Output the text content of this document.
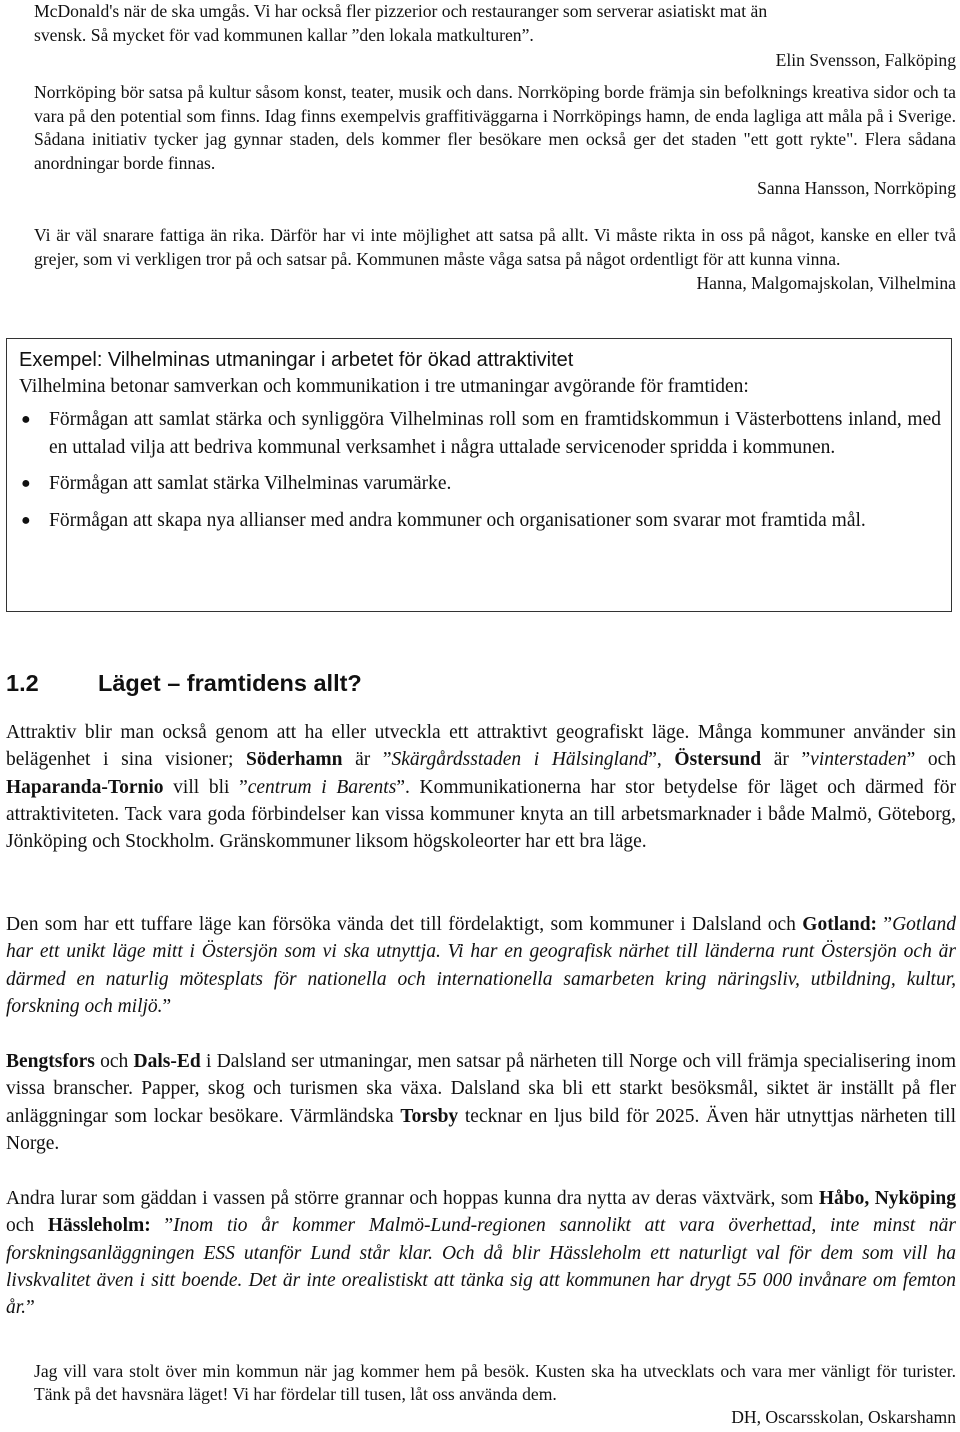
McDonald's när de ska umgås. Vi har också fler pizzerior och restauranger som serverar asiatiskt mat än

svensk. Så mycket för vad kommunen kallar ”den lokala matkulturen”.

Elin Svensson, Falköping

Norrköping bör satsa på kultur såsom konst, teater, musik och dans. Norrköping borde främja sin befolknings kreativa sidor och ta vara på den potential som finns. Idag finns exempelvis graffitiväggarna i Norrköpings hamn, de enda lagliga att måla på i Sverige. Sådana initiativ tycker jag gynnar staden, dels kommer fler besökare men också ger det staden "ett gott rykte". Flera sådana anordningar borde finnas.

Sanna Hansson, Norrköping

Vi är väl snarare fattiga än rika. Därför har vi inte möjlighet att satsa på allt. Vi måste rikta in oss på något, kanske en eller två grejer, som vi verkligen tror på och satsar på. Kommunen måste våga satsa på något ordentligt för att kunna vinna.

Hanna, Malgomajskolan, Vilhelmina

Exempel: Vilhelminas utmaningar i arbetet för ökad attraktivitet

Vilhelmina betonar samverkan och kommunikation i tre utmaningar avgörande för framtiden:

● Förmågan att samlat stärka och synliggöra Vilhelminas roll som en framtidskommun i Västerbottens inland, med en uttalad vilja att bedriva kommunal verksamhet i några uttalade servicenoder spridda i kommunen.
● Förmågan att samlat stärka Vilhelminas varumärke.
● Förmågan att skapa nya allianser med andra kommuner och organisationer som svarar mot framtida mål.
1.2	Läget – framtidens allt?

Attraktiv blir man också genom att ha eller utveckla ett attraktivt geografiskt läge. Många kommuner använder sin belägenhet i sina visioner; Söderhamn är ”Skärgårdsstaden i Hälsingland”, Östersund är ”vinterstaden” och Haparanda-Tornio vill bli ”centrum i Barents”. Kommunikationerna har stor betydelse för läget och därmed för attraktiviteten. Tack vara goda förbindelser kan vissa kommuner knyta an till arbetsmarknader i både Malmö, Göteborg, Jönköping och Stockholm. Gränskommuner liksom högskoleorter har ett bra läge.

Den som har ett tuffare läge kan försöka vända det till fördelaktigt, som kommuner i Dalsland och Gotland: ”Gotland har ett unikt läge mitt i Östersjön som vi ska utnyttja. Vi har en geografisk närhet till länderna runt Östersjön och är därmed en naturlig mötesplats för nationella och internationella samarbeten kring näringsliv, utbildning, kultur, forskning och miljö.”

Bengtsfors och Dals-Ed i Dalsland ser utmaningar, men satsar på närheten till Norge och vill främja specialisering inom vissa branscher. Papper, skog och turismen ska växa. Dalsland ska bli ett starkt besöksmål, siktet är inställt på fler anläggningar som lockar besökare. Värmländska Torsby tecknar en ljus bild för 2025. Även här utnyttjas närheten till Norge.

Andra lurar som gäddan i vassen på större grannar och hoppas kunna dra nytta av deras växtvärk, som Håbo, Nyköping och Hässleholm: ”Inom tio år kommer Malmö-Lund-regionen sannolikt att vara överhettad, inte minst när forskningsanläggningen ESS utanför Lund står klar. Och då blir Hässleholm ett naturligt val för dem som vill ha livskvalitet även i sitt boende. Det är inte orealistiskt att tänka sig att kommunen har drygt 55 000 invånare om femton år.”

Jag vill vara stolt över min kommun när jag kommer hem på besök. Kusten ska ha utvecklats och vara mer vänligt för turister. Tänk på det havsnära läget! Vi har fördelar till tusen, låt oss använda dem.

DH, Oscarsskolan, Oskarshamn
